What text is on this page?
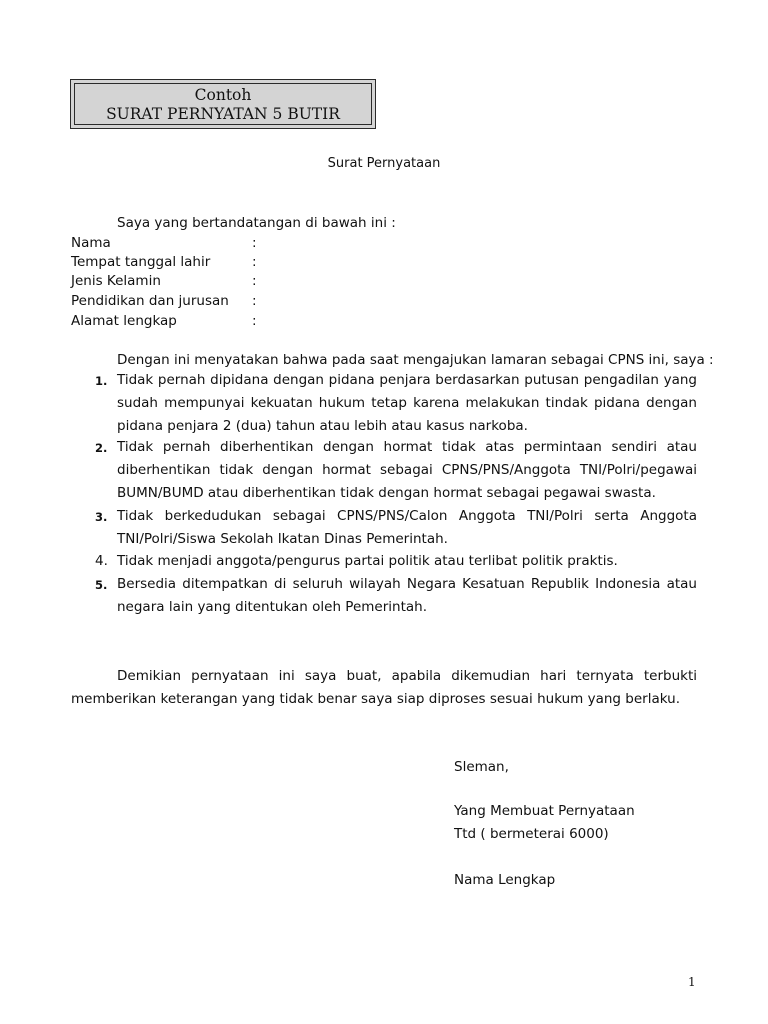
Contoh
SURAT PERNYATAN 5 BUTIR
Surat Pernyataan
Saya yang bertandatangan di bawah ini :
Nama	:
Tempat tanggal lahir	:
Jenis Kelamin	:
Pendidikan dan jurusan :
Alamat lengkap	:
Dengan ini menyatakan bahwa pada saat mengajukan lamaran sebagai CPNS ini, saya :
1. Tidak pernah dipidana dengan pidana penjara berdasarkan putusan pengadilan yang
sudah mempunyai kekuatan hukum tetap karena melakukan tindak pidana dengan
pidana penjara 2 (dua) tahun atau lebih atau kasus narkoba.
2. Tidak pernah diberhentikan dengan hormat tidak atas permintaan sendiri atau
diberhentikan tidak dengan hormat sebagai CPNS/PNS/Anggota TNI/Polri/pegawai
BUMN/BUMD atau diberhentikan tidak dengan hormat sebagai pegawai swasta.
3. Tidak berkedudukan sebagai CPNS/PNS/Calon Anggota TNI/Polri serta Anggota
TNI/Polri/Siswa Sekolah Ikatan Dinas Pemerintah.
4. Tidak menjadi anggota/pengurus partai politik atau terlibat politik praktis.
5. Bersedia ditempatkan di seluruh wilayah Negara Kesatuan Republik Indonesia atau
negara lain yang ditentukan oleh Pemerintah.
Demikian pernyataan ini saya buat, apabila dikemudian hari ternyata terbukti
memberikan keterangan yang tidak benar saya siap diproses sesuai hukum yang berlaku.
Sleman,
Yang Membuat Pernyataan
Ttd ( bermeterai 6000)
Nama Lengkap
1
